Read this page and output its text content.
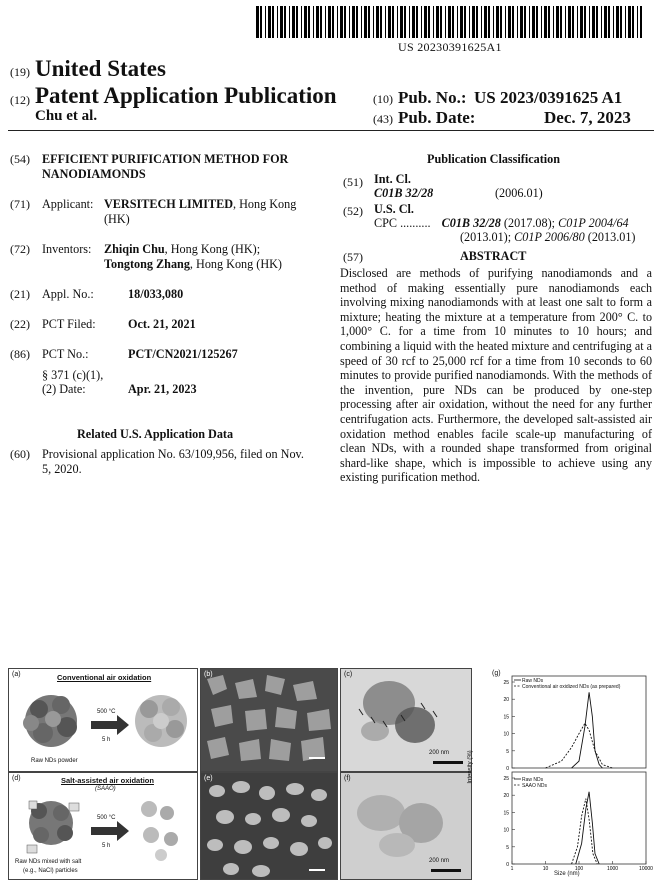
US 20230391625A1
(19) United States
(12) Patent Application Publication
Chu et al.
(10) Pub. No.: US 2023/0391625 A1
(43) Pub. Date:	Dec. 7, 2023
(54) EFFICIENT PURIFICATION METHOD FOR
NANODIAMONDS
(71) Applicant: VERSITECH LIMITED, Hong Kong
(HK)
(72) Inventors: Zhiqin Chu, Hong Kong (HK);
Tongtong Zhang, Hong Kong (HK)
(21) Appl. No.:	18/033,080
(22) PCT Filed:	Oct. 21, 2021
(86) PCT No.:	PCT/CN2021/125267
§ 371 (c)(1),
(2) Date:	Apr. 21, 2023
Related U.S. Application Data
(60) Provisional application No. 63/109,956, filed on Nov.
5, 2020.
Publication Classification
(51) Int. Cl.
C01B 32/28	(2006.01)
(52) U.S. Cl.
CPC .......... C01B 32/28 (2017.08); C01P 2004/64
(2013.01); C01P 2006/80 (2013.01)
(57)	ABSTRACT
Disclosed are methods of purifying nanodiamonds and a method of making essentially pure nanodiamonds each involving mixing nanodiamonds with at least one salt to form a mixture; heating the mixture at a temperature from 200° C. to 1,000° C. for a time from 10 minutes to 10 hours; and combining a liquid with the heated mixture and centrifuging at a speed of 30 rcf to 25,000 rcf for a time from 10 seconds to 60 minutes to provide purified nanodiamonds. With the methods of the invention, pure NDs can be produced by one-step processing after air oxidation, without the need for any further centrifugation acts. Furthermore, the developed salt-assisted air oxidation method enables facile scale-up manufacturing of clean NDs, with a rounded shape transformed from original shard-like shape, which is impossible to achieve using any existing purification method.
(a)	Conventional air oxidation
500 °C
5 h
Raw NDs powder
(d)	Salt-assisted air oxidation
(SAAO)
500 °C
5 h
Raw NDs mixed with salt
(e.g., NaCl) particles
(b)
(e)
(c)
200 nm
(f)
200 nm
0
5
10
15
20
25
0
5
10
15
20
25
1	10	100	1000	10000
(g)
Intensity (%)
Size (nm)
Raw NDs
Conventional air oxidized NDs (as prepared)
Raw NDs
SAAO NDs
